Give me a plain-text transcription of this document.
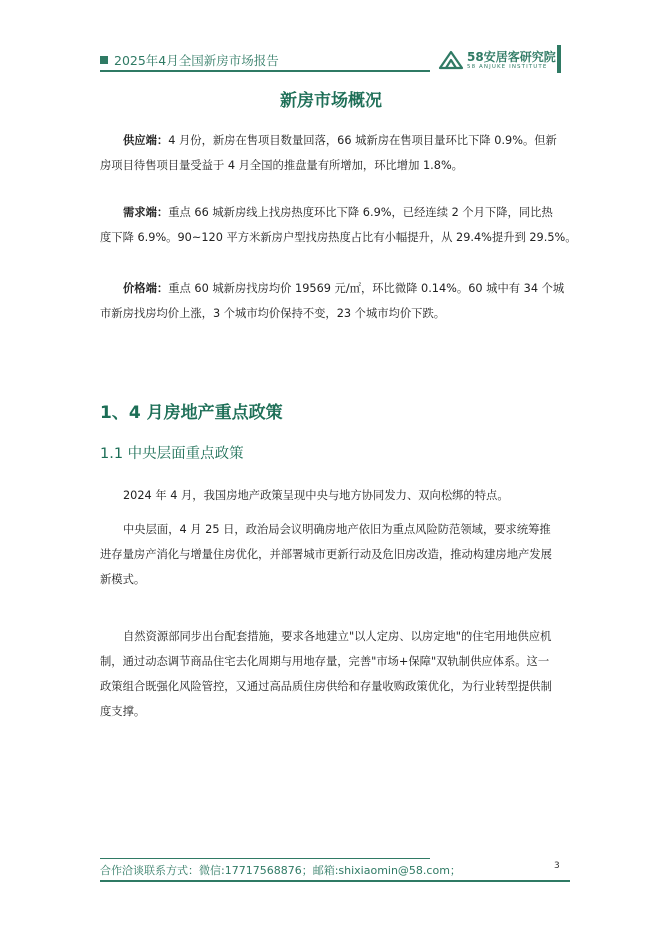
2025年4月全国新房市场报告	58安居客研究院
58 ANJUKE INSTITUTE
新房市场概况
供应端：4 月份，新房在售项目数量回落，66 城新房在售项目量环比下降 0.9%。但新
房项目待售项目量受益于 4 月全国的推盘量有所增加，环比增加 1.8%。
需求端：重点 66 城新房线上找房热度环比下降 6.9%，已经连续 2 个月下降，同比热
度下降 6.9%。90~120 平方米新房户型找房热度占比有小幅提升，从 29.4%提升到 29.5%。
价格端：重点 60 城新房找房均价 19569 元/㎡，环比微降 0.14%。60 城中有 34 个城
市新房找房均价上涨，3 个城市均价保持不变，23 个城市均价下跌。
1、4 月房地产重点政策
1.1 中央层面重点政策
2024 年 4 月，我国房地产政策呈现中央与地方协同发力、双向松绑的特点。
中央层面，4 月 25 日，政治局会议明确房地产依旧为重点风险防范领域，要求统筹推
进存量房产消化与增量住房优化，并部署城市更新行动及危旧房改造，推动构建房地产发展
新模式。
自然资源部同步出台配套措施，要求各地建立"以人定房、以房定地"的住宅用地供应机
制，通过动态调节商品住宅去化周期与用地存量，完善"市场+保障"双轨制供应体系。这一
政策组合既强化风险管控，又通过高品质住房供给和存量收购政策优化，为行业转型提供制
度支撑。
合作洽谈联系方式：微信:17717568876；邮箱:shixiaomin@58.com；	3
